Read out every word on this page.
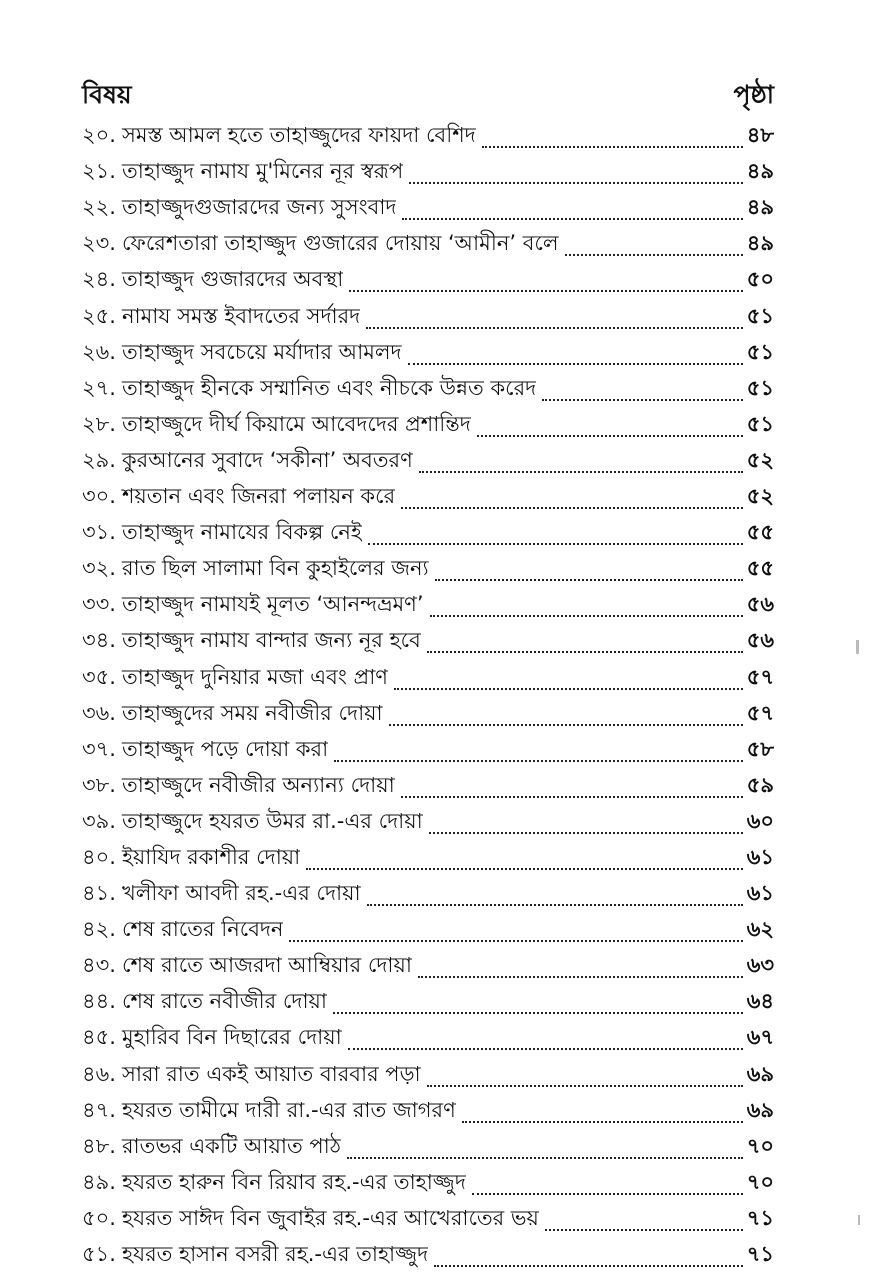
বিষয়	পৃষ্ঠা
২০. সমস্ত আমল হতে তাহাজ্জুদের ফায়দা বেশিদ	৪৮
২১. তাহাজ্জুদ নামায মু'মিনের নূর স্বরূপ	৪৯
২২. তাহাজ্জুদগুজারদের জন্য সুসংবাদ	৪৯
২৩. ফেরেশতারা তাহাজ্জুদ গুজারের দোয়ায় ‘আমীন’ বলে	৪৯
২৪. তাহাজ্জুদ গুজারদের অবস্থা	৫০
২৫. নামায সমস্ত ইবাদতের সর্দারদ	৫১
২৬. তাহাজ্জুদ সবচেয়ে মর্যাদার আমলদ	৫১
২৭. তাহাজ্জুদ হীনকে সম্মানিত এবং নীচকে উন্নত করেদ	৫১
২৮. তাহাজ্জুদে দীর্ঘ কিয়ামে আবেদদের প্রশান্তিদ	৫১
২৯. কুরআনের সুবাদে ‘সকীনা’ অবতরণ	৫২
৩০. শয়তান এবং জিনরা পলায়ন করে	৫২
৩১. তাহাজ্জুদ নামাযের বিকল্প নেই	৫৫
৩২. রাত ছিল সালামা বিন কুহাইলের জন্য	৫৫
৩৩. তাহাজ্জুদ নামাযই মূলত ‘আনন্দভ্রমণ’	৫৬
৩৪. তাহাজ্জুদ নামায বান্দার জন্য নূর হবে	৫৬
৩৫. তাহাজ্জুদ দুনিয়ার মজা এবং প্রাণ	৫৭
৩৬. তাহাজ্জুদের সময় নবীজীর দোয়া	৫৭
৩৭. তাহাজ্জুদ পড়ে দোয়া করা	৫৮
৩৮. তাহাজ্জুদে নবীজীর অন্যান্য দোয়া	৫৯
৩৯. তাহাজ্জুদে হযরত উমর রা.-এর দোয়া	৬০
৪০. ইয়াযিদ রকাশীর দোয়া	৬১
৪১. খলীফা আবদী রহ.-এর দোয়া	৬১
৪২. শেষ রাতের নিবেদন	৬২
৪৩. শেষ রাতে আজরদা আম্বিয়ার দোয়া	৬৩
৪৪. শেষ রাতে নবীজীর দোয়া	৬৪
৪৫. মুহারিব বিন দিছারের দোয়া	৬৭
৪৬. সারা রাত একই আয়াত বারবার পড়া	৬৯
৪৭. হযরত তামীমে দারী রা.-এর রাত জাগরণ	৬৯
৪৮. রাতভর একটি আয়াত পাঠ	৭০
৪৯. হযরত হারুন বিন রিয়াব রহ.-এর তাহাজ্জুদ	৭০
৫০. হযরত সাঈদ বিন জুবাইর রহ.-এর আখেরাতের ভয়	৭১
৫১. হযরত হাসান বসরী রহ.-এর তাহাজ্জুদ	৭১
